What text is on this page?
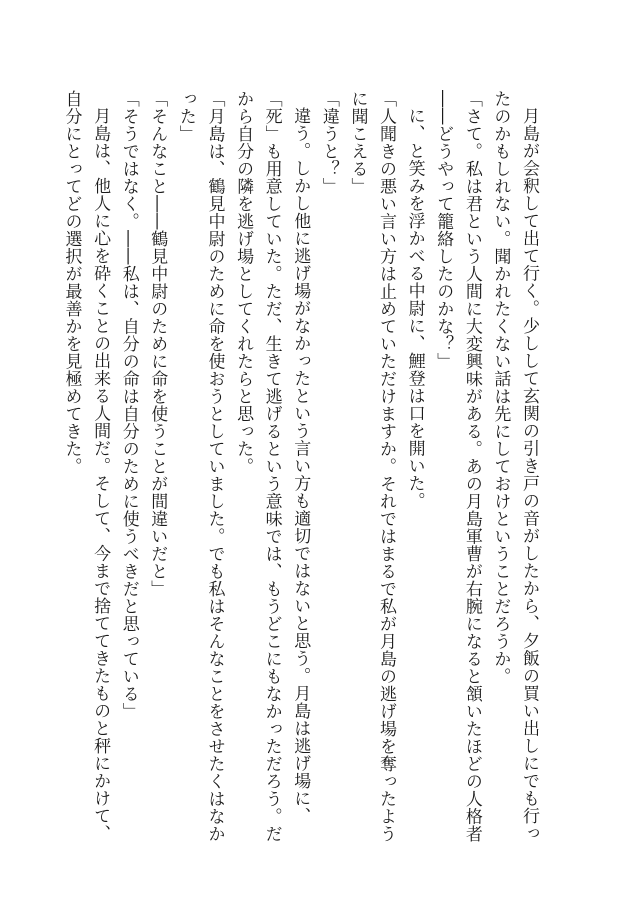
月島が会釈して出て行く。少しして玄関の引き戸の音がしたから、夕飯の買い出しにでも行ったのかもしれない。聞かれたくない話は先にしておけということだろうか。

「さて。私は君という人間に大変興味がある。あの月島軍曹が右腕になると頷いたほどの人格者――どうやって籠絡したのかな？」

に、と笑みを浮かべる中尉に、鯉登は口を開いた。

「人聞きの悪い言い方は止めていただけますか。それではまるで私が月島の逃げ場を奪ったように聞こえる」

「違うと？」

違う。しかし他に逃げ場がなかったという言い方も適切ではないと思う。月島は逃げ場に、「死」も用意していた。ただ、生きて逃げるという意味では、もうどこにもなかっただろう。だから自分の隣を逃げ場としてくれたらと思った。

「月島は、鶴見中尉のために命を使おうとしていました。でも私はそんなことをさせたくはなかった」

「そんなこと――鶴見中尉のために命を使うことが間違いだと」

「そうではなく。――私は、自分の命は自分のために使うべきだと思っている」

月島は、他人に心を砕くことの出来る人間だ。そして、今まで捨ててきたものと秤にかけて、自分にとってどの選択が最善かを見極めてきた。
